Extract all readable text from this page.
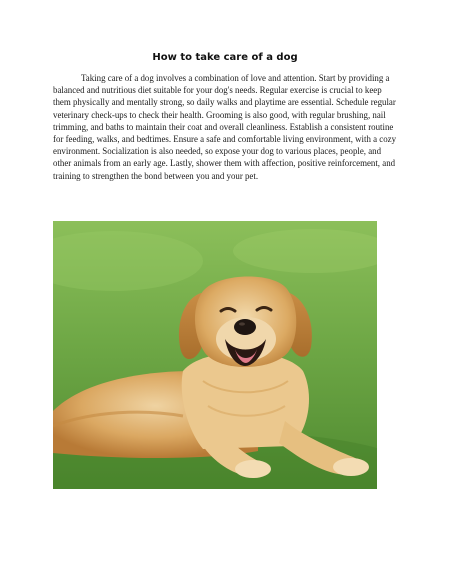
How to take care of a dog

Taking care of a dog involves a combination of love and attention. Start by providing a balanced and nutritious diet suitable for your dog's needs. Regular exercise is crucial to keep them physically and mentally strong, so daily walks and playtime are essential. Schedule regular veterinary check-ups to check their health. Grooming is also good, with regular brushing, nail trimming, and baths to maintain their coat and overall cleanliness. Establish a consistent routine for feeding, walks, and bedtimes. Ensure a safe and comfortable living environment, with a cozy environment. Socialization is also needed, so expose your dog to various places, people, and other animals from an early age. Lastly, shower them with affection, positive reinforcement, and training to strengthen the bond between you and your pet.
